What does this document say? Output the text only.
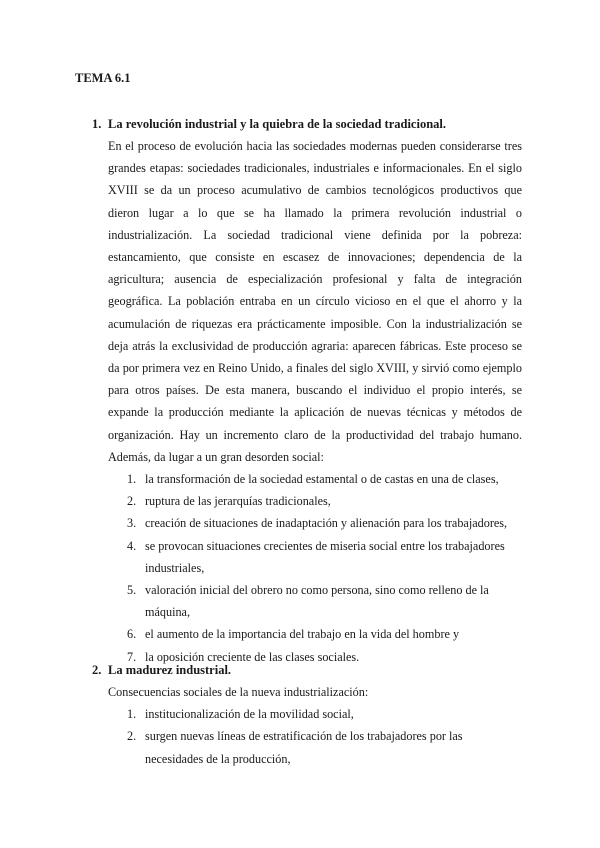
TEMA 6.1
1. La revolución industrial y la quiebra de la sociedad tradicional.
En el proceso de evolución hacia las sociedades modernas pueden considerarse tres grandes etapas: sociedades tradicionales, industriales e informacionales. En el siglo XVIII se da un proceso acumulativo de cambios tecnológicos productivos que dieron lugar a lo que se ha llamado la primera revolución industrial o industrialización. La sociedad tradicional viene definida por la pobreza: estancamiento, que consiste en escasez de innovaciones; dependencia de la agricultura; ausencia de especialización profesional y falta de integración geográfica. La población entraba en un círculo vicioso en el que el ahorro y la acumulación de riquezas era prácticamente imposible. Con la industrialización se deja atrás la exclusividad de producción agraria: aparecen fábricas. Este proceso se da por primera vez en Reino Unido, a finales del siglo XVIII, y sirvió como ejemplo para otros países. De esta manera, buscando el individuo el propio interés, se expande la producción mediante la aplicación de nuevas técnicas y métodos de organización. Hay un incremento claro de la productividad del trabajo humano. Además, da lugar a un gran desorden social:
1. la transformación de la sociedad estamental o de castas en una de clases,
2. ruptura de las jerarquías tradicionales,
3. creación de situaciones de inadaptación y alienación para los trabajadores,
4. se provocan situaciones crecientes de miseria social entre los trabajadores industriales,
5. valoración inicial del obrero no como persona, sino como relleno de la máquina,
6. el aumento de la importancia del trabajo en la vida del hombre y
7. la oposición creciente de las clases sociales.
2. La madurez industrial.
Consecuencias sociales de la nueva industrialización:
1. institucionalización de la movilidad social,
2. surgen nuevas líneas de estratificación de los trabajadores por las necesidades de la producción,
